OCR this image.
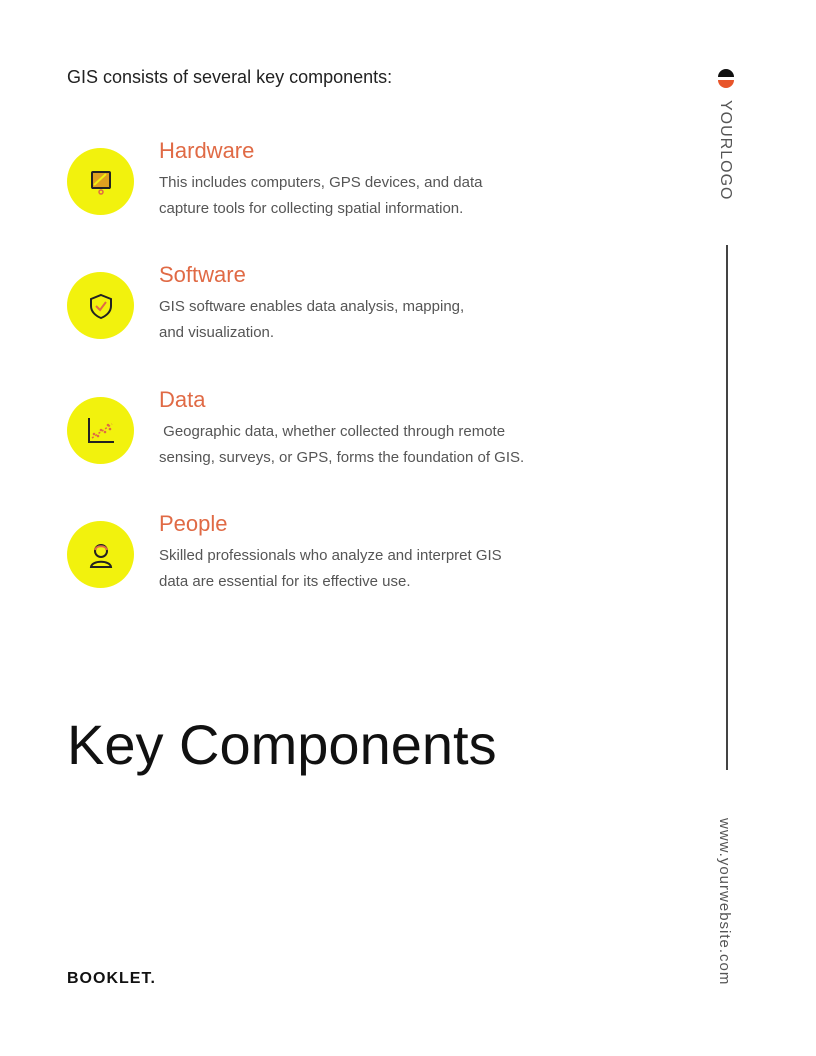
GIS consists of several key components:
Hardware

This includes computers, GPS devices, and data
capture tools for collecting spatial information.

Software

GIS software enables data analysis, mapping,
and visualization.

Data

Geographic data, whether collected through remote
sensing, surveys, or GPS, forms the foundation of GIS.

People

Skilled professionals who analyze and interpret GIS
data are essential for its effective use.

Key Components
BOOKLET.
YOURLOGO
www.yourwebsite.com
